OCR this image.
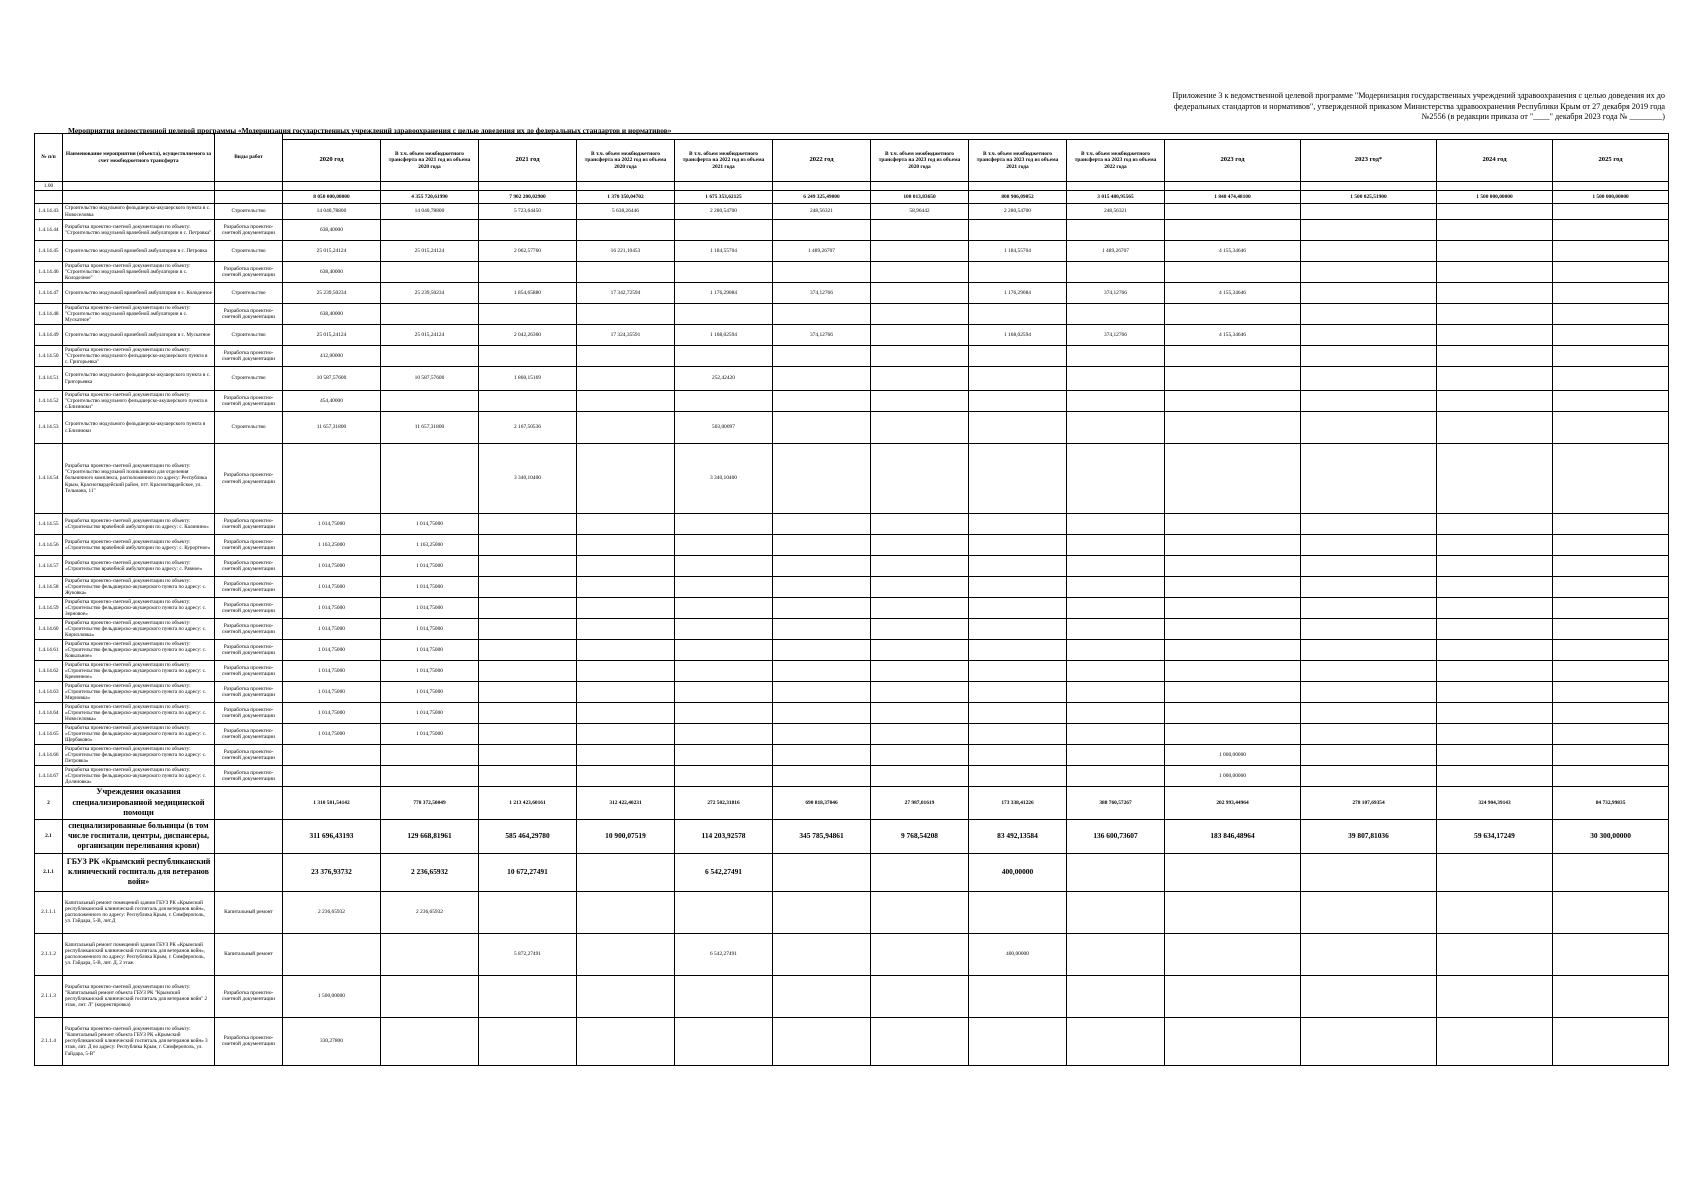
Приложение 3 к ведомственной целевой программе "Модернизация государственных учреждений здравоохранения с целью доведения их до федеральных стандартов и нормативов", утвержденной приказом Министерства здравоохранения Республики Крым от 27 декабря 2019 года №2556 (в редакции приказа от "____" декабря 2023 года № ________)
Мероприятия ведомственной целевой программы «Модернизация государственных учреждений здравоохранения с целью доведения их до федеральных стандартов и нормативов»
№ п/п	Наименование мероприятия (объекта), осуществляемого за счет межбюджетного трансферта	Виды работ													
			2020 год	В т.ч. объем межбюджетного трансферта на 2021 год из объема 2020 года	2021 год	В т.ч. объем межбюджетного трансферта на 2022 год из объема 2020 года	В т.ч. объем межбюджетного трансферта на 2022 год из объема 2021 года	2022 год	В т.ч. объем межбюджетного трансферта на 2023 год из объема 2020 года	В т.ч. объем межбюджетного трансферта на 2023 год из объема 2021 года	В т.ч. объем межбюджетного трансферта на 2023 год из объема 2022 года	2023 год	2023 год*	2024 год	2025 год
1.00															
			8 050 000,00000	4 355 720,61990	7 902 200,02900	1 370 350,04702	1 675 353,62125	6 249 325,49000	108 013,83650	808 906,09052	3 015 480,95565	1 848 474,48100	1 500 025,51900	1 500 000,00000	1 500 000,00000
1.4.14.43	Строительство модульного фельдшерско-акушерского пункта в с. Новоселовка	Строительство	14 040,78800	14 040,78800	5 723,64450	5 638,26446	2 280,54700	248,56321	58,96442	2 280,54700	248,56321				
1.4.14.44	Разработка проектно-сметной документации по объекту: "Строительство модульной врачебной амбулатории в с. Петровка"	Разработка проектно-сметной документации	638,40000												
1.4.14.45	Строительство модульной врачебной амбулатории в с. Петровка	Строительство	25 015,24124	25 015,24124	2 062,57760	16 221,10453	1 184,55704	1 489,26707		1 184,55704	1 489,26707	4 155,34646			
1.4.14.46	Разработка проектно-сметной документации по объекту: "Строительство модульной врачебной амбулатории в с. Колодезное"	Разработка проектно-сметной документации	638,40000												
1.4.14.47	Строительство модульной врачебной амбулатории в с. Колодезное	Строительство	25 239,50234	25 239,50234	1 854,65880	17 342,72594	1 176,29084	374,12766		1 176,29084	374,12766	4 155,34646			
1.4.14.48	Разработка проектно-сметной документации по объекту: "Строительство модульной врачебной амбулатории в с. Мускатное"	Разработка проектно-сметной документации	638,40000												
1.4.14.49	Строительство модульной врачебной амбулатории в с. Мускатное	Строительство	25 015,24124	25 015,24124	2 042,26360	17 324,35591	1 168,02594	374,12766		1 168,02594	374,12766	4 155,34646			
1.4.14.50	Разработка проектно-сметной документации по объекту: "Строительство модульного фельдшерско-акушерского пункта в с. Григорьевка"	Разработка проектно-сметной документации	412,00000												
1.4.14.51	Строительство модульного фельдшерско-акушерского пункта в с. Григорьевка	Строительство	10 587,57600	10 587,57600	1 860,15169		252,42420								
1.4.14.52	Разработка проектно-сметной документации по объекту: "Строительство модульного фельдшерско-акушерского пункта в с.Близнюки"	Разработка проектно-сметной документации	454,40000												
1.4.14.53	Строительство модульного фельдшерско-акушерского пункта в с.Близнюки	Строительство	11 657,31800	11 657,31800	2 167,50536		503,00097								
1.4.14.54	Разработка проектно-сметной документации по объекту: "Строительство модульной поликлиники для отделения больничного комплекса, расположенного по адресу: Республика Крым, Красногвардейский район, пгт. Красногвардейское, ул. Тельмана, 11"	Разработка проектно-сметной документации			3 340,10400		3 340,10400								
1.4.14.55	Разработка проектно-сметной документации по объекту: «Строительство врачебной амбулатории по адресу: с. Калинино»	Разработка проектно-сметной документации	1 014,75000	1 014,75000											
1.4.14.56	Разработка проектно-сметной документации по объекту: «Строительство врачебной амбулатории по адресу: с. Курортное»	Разработка проектно-сметной документации	1 163,25000	1 163,25000											
1.4.14.57	Разработка проектно-сметной документации по объекту: «Строительство врачебной амбулатории по адресу: с. Равное»	Разработка проектно-сметной документации	1 014,75000	1 014,75000											
1.4.14.58	Разработка проектно-сметной документации по объекту: «Строительство фельдшерско-акушерского пункта по адресу: с. Жуковка»	Разработка проектно-сметной документации	1 014,75000	1 014,75000											
1.4.14.59	Разработка проектно-сметной документации по объекту: «Строительство фельдшерско-акушерского пункта по адресу: с. Зерновое»	Разработка проектно-сметной документации	1 014,75000	1 014,75000											
1.4.14.60	Разработка проектно-сметной документации по объекту: «Строительство фельдшерско-акушерского пункта по адресу: с. Кирилловка»	Разработка проектно-сметной документации	1 014,75000	1 014,75000											
1.4.14.61	Разработка проектно-сметной документации по объекту: «Строительство фельдшерско-акушерского пункта по адресу: с. Ковыльное»	Разработка проектно-сметной документации	1 014,75000	1 014,75000											
1.4.14.62	Разработка проектно-сметной документации по объекту: «Строительство фельдшерско-акушерского пункта по адресу: с. Кременное»	Разработка проектно-сметной документации	1 014,75000	1 014,75000											
1.4.14.63	Разработка проектно-сметной документации по объекту: «Строительство фельдшерско-акушерского пункта по адресу: с. Мирновка»	Разработка проектно-сметной документации	1 014,75000	1 014,75000											
1.4.14.64	Разработка проектно-сметной документации по объекту: «Строительство фельдшерско-акушерского пункта по адресу: с. Новоселовка»	Разработка проектно-сметной документации	1 014,75000	1 014,75000											
1.4.14.65	Разработка проектно-сметной документации по объекту: «Строительство фельдшерско-акушерского пункта по адресу: с. Щербаково»	Разработка проектно-сметной документации	1 014,75000	1 014,75000											
1.4.14.66	Разработка проектно-сметной документации по объекту: «Строительство фельдшерско-акушерского пункта по адресу: с. Петровка»	Разработка проектно-сметной документации										1 000,00000			
1.4.14.67	Разработка проектно-сметной документации по объекту: «Строительство фельдшерско-акушерского пункта по адресу: с. Долиновка»	Разработка проектно-сметной документации										1 000,00000			
2	Учреждения оказания специализированной медицинской помощи		1 310 581,54142	778 372,50049	1 213 423,60161	312 422,40231	272 502,31816	690 818,37046	27 987,01619	173 338,41226	388 760,57267	202 993,44964	278 107,69354	324 904,39143	84 732,99835
2.1	специализированные больницы (в том числе госпитали, центры, диспансеры, организации переливания крови)		311 696,43193	129 668,81961	585 464,29780	10 900,07519	114 203,92578	345 785,94861	9 768,54208	83 492,13584	136 600,73607	183 846,48964	39 807,81036	59 634,17249	30 300,00000
2.1.1	ГБУЗ РК «Крымский республиканский клинический госпиталь для ветеранов войн»		23 376,93732	2 236,65932	10 672,27491		6 542,27491			400,00000					
2.1.1.1	Капитальный ремонт помещений здания ГБУЗ РК «Крымский республиканский клинический госпиталь для ветеранов войн», расположенного по адресу: Республика Крым, г. Симферополь, ул. Гайдара, 5-В, лит.Д	Капитальный ремонт	2 236,65932	2 236,65932											
2.1.1.2	Капитальный ремонт помещений здания ГБУЗ РК «Крымский республиканский клинический госпиталь для ветеранов войн», расположенного по адресу: Республика Крым, г. Симферополь, ул. Гайдара, 5-В, лит. Д, 2 этаж	Капитальный ремонт			5 872,27491		6 542,27491			400,00000					
2.1.1.3	Разработка проектно-сметной документации по объекту: "Капитальный ремонт объекта ГБУЗ РК "Крымский республиканский клинический госпиталь для ветеранов войн" 2 этаж, лит. Л" (корректировка)	Разработка проектно-сметной документации	1 500,00000												
2.1.1.4	Разработка проектно-сметной документации по объекту: "Капитальный ремонт объекта ГБУЗ РК «Крымский республиканский клинический госпиталь для ветеранов войн» 3 этаж, лит. Д по адресу: Республика Крым, г. Симферополь, ул. Гайдара, 5-В"	Разработка проектно-сметной документации	330,27800												
